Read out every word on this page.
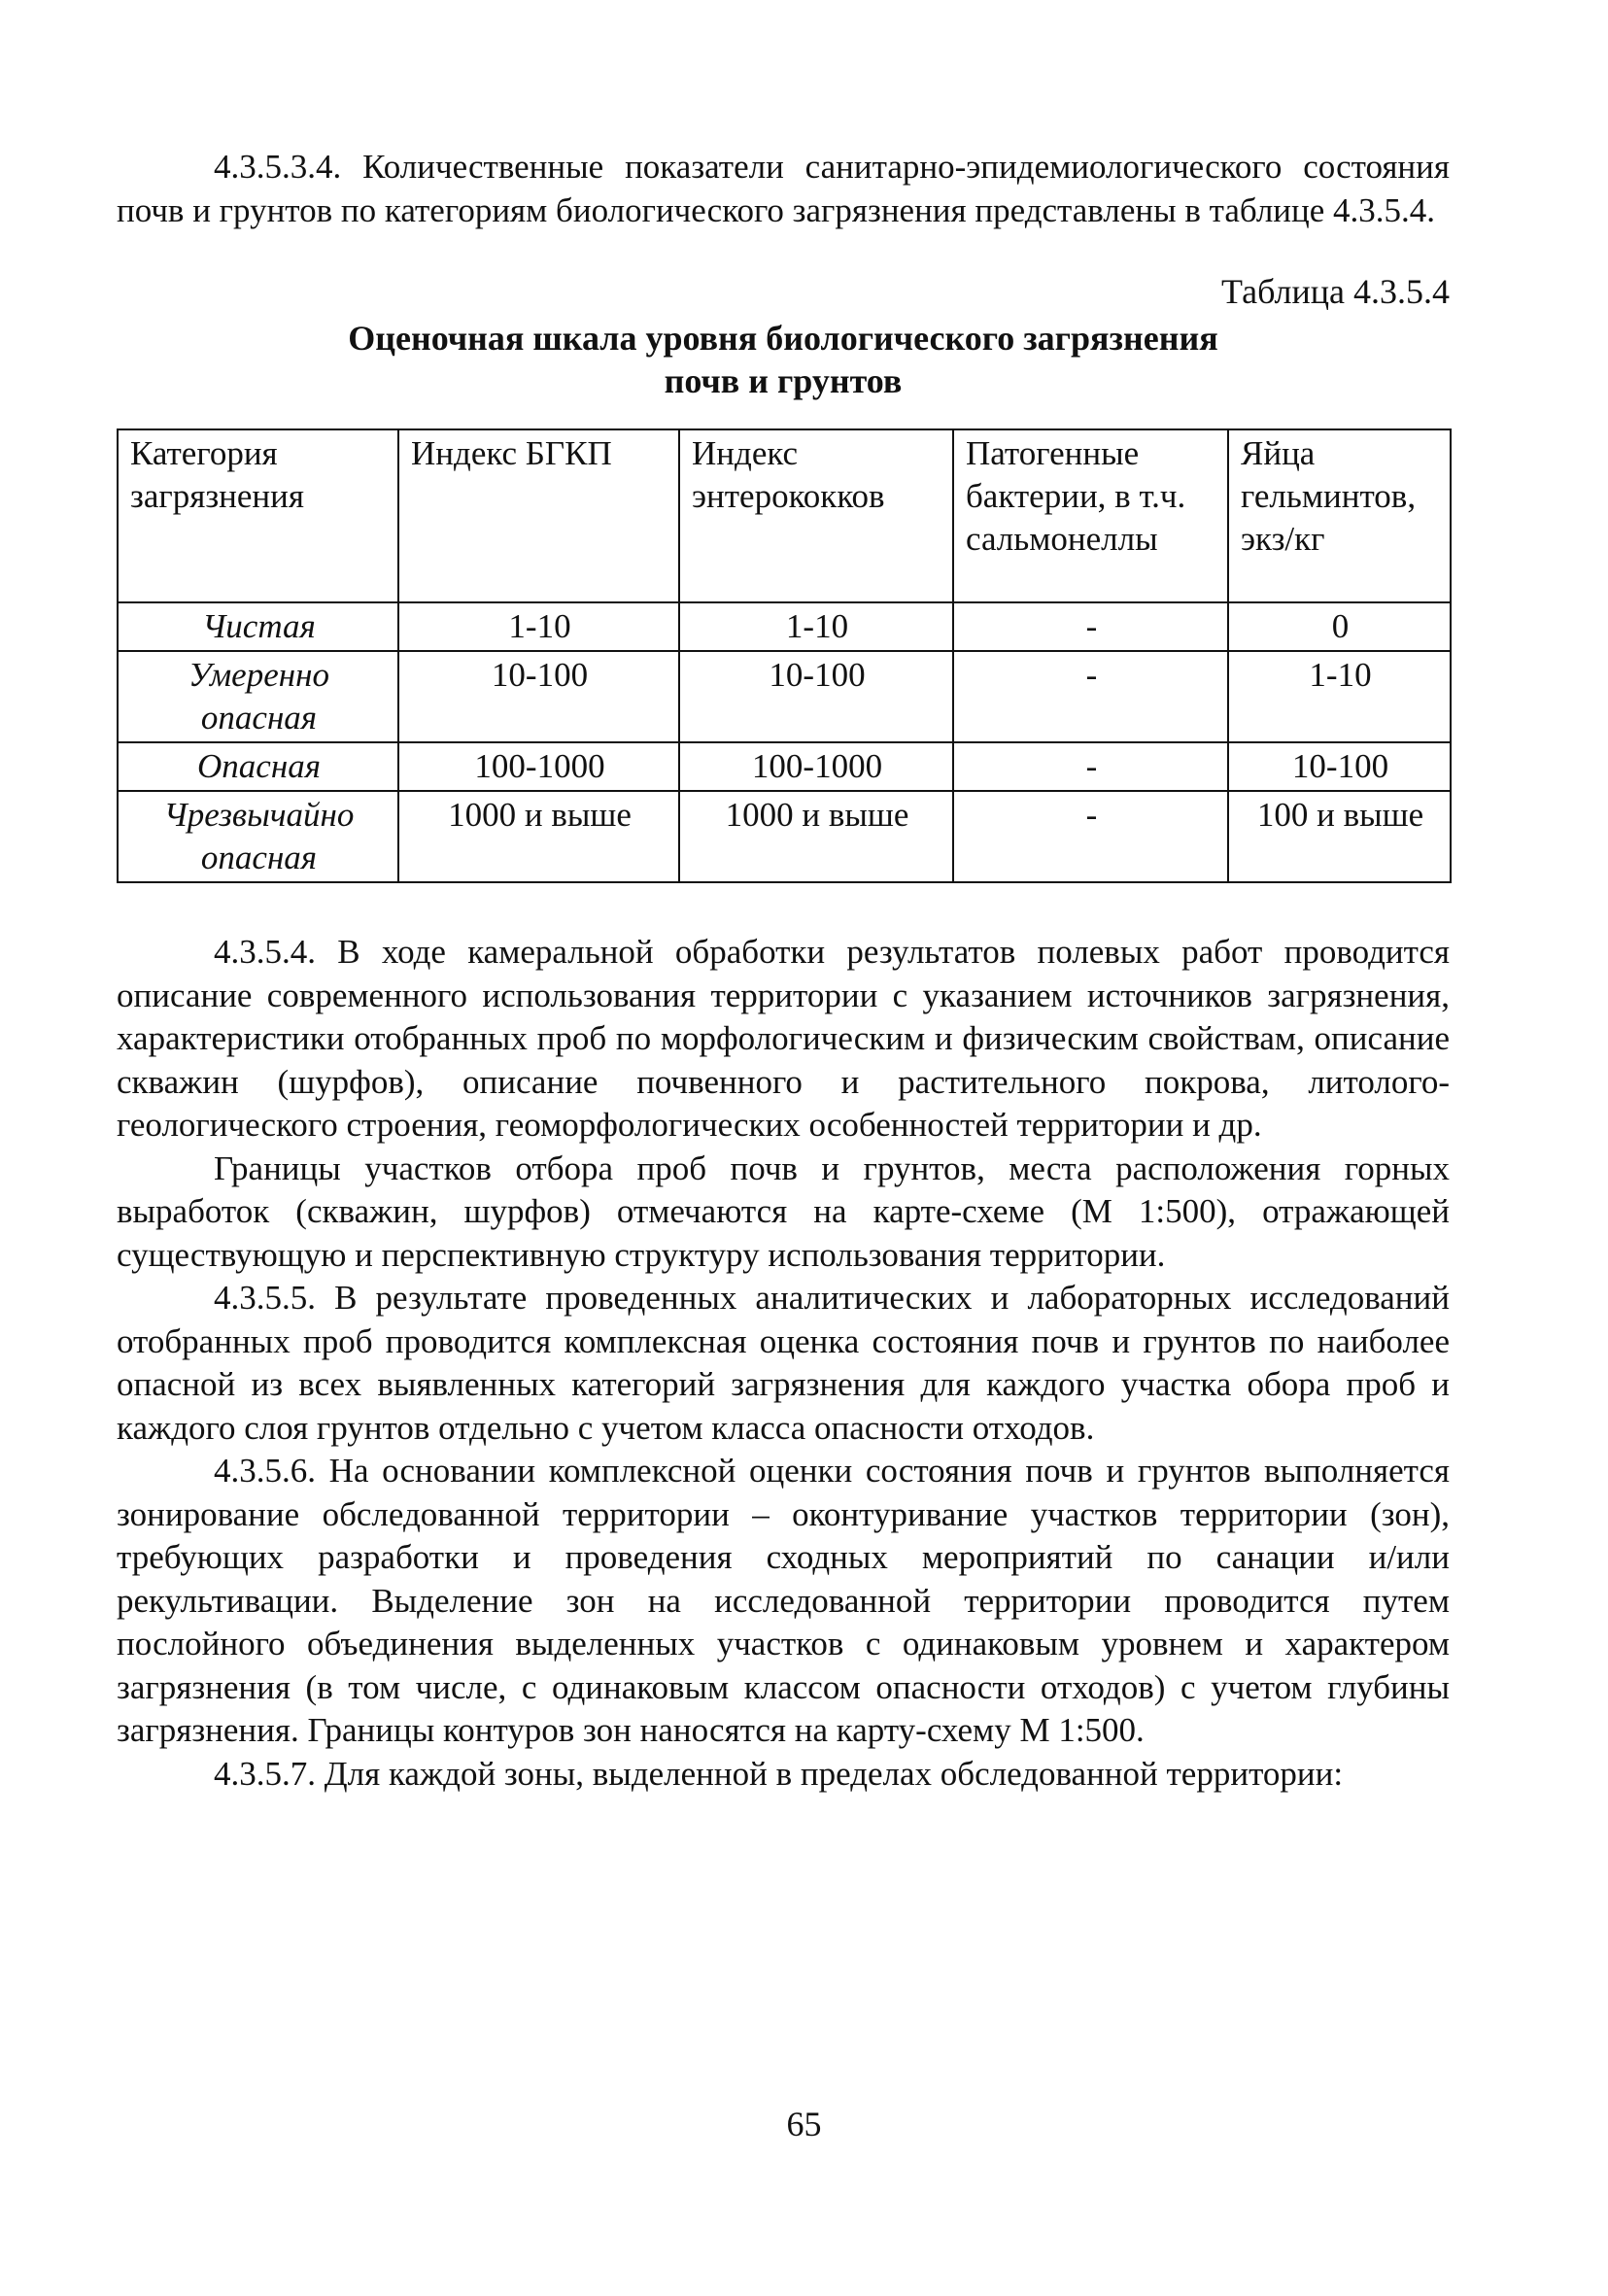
4.3.5.3.4. Количественные показатели санитарно-эпидемиологического состояния почв и грунтов по категориям биологического загрязнения представлены в таблице 4.3.5.4.

Таблица 4.3.5.4
Оценочная шкала уровня биологического загрязнения
почв и грунтов
Категория загрязнения	Индекс БГКП	Индекс энтерококков	Патогенные бактерии, в т.ч. сальмонеллы	Яйца гельминтов, экз/кг
Чистая	1-10	1-10	-	0
Умеренно опасная	10-100	10-100	-	1-10
Опасная	100-1000	100-1000	-	10-100
Чрезвычайно опасная	1000 и выше	1000 и выше	-	100 и выше

4.3.5.4. В ходе камеральной обработки результатов полевых работ проводится описание современного использования территории с указанием источников загрязнения, характеристики отобранных проб по морфологическим и физическим свойствам, описание скважин (шурфов), описание почвенного и растительного покрова, литолого-геологического строения, геоморфологических особенностей территории и др.

Границы участков отбора проб почв и грунтов, места расположения горных выработок (скважин, шурфов) отмечаются на карте-схеме (М 1:500), отражающей существующую и перспективную структуру использования территории.

4.3.5.5. В результате проведенных аналитических и лабораторных исследований отобранных проб проводится комплексная оценка состояния почв и грунтов по наиболее опасной из всех выявленных категорий загрязнения для каждого участка обора проб и каждого слоя грунтов отдельно с учетом класса опасности отходов.

4.3.5.6. На основании комплексной оценки состояния почв и грунтов выполняется зонирование обследованной территории – оконтуривание участков территории (зон), требующих разработки и проведения сходных мероприятий по санации и/или рекультивации. Выделение зон на исследованной территории проводится путем послойного объединения выделенных участков с одинаковым уровнем и характером загрязнения (в том числе, с одинаковым классом опасности отходов) с учетом глубины загрязнения. Границы контуров зон наносятся на карту-схему М 1:500.

4.3.5.7. Для каждой зоны, выделенной в пределах обследованной территории:

65
